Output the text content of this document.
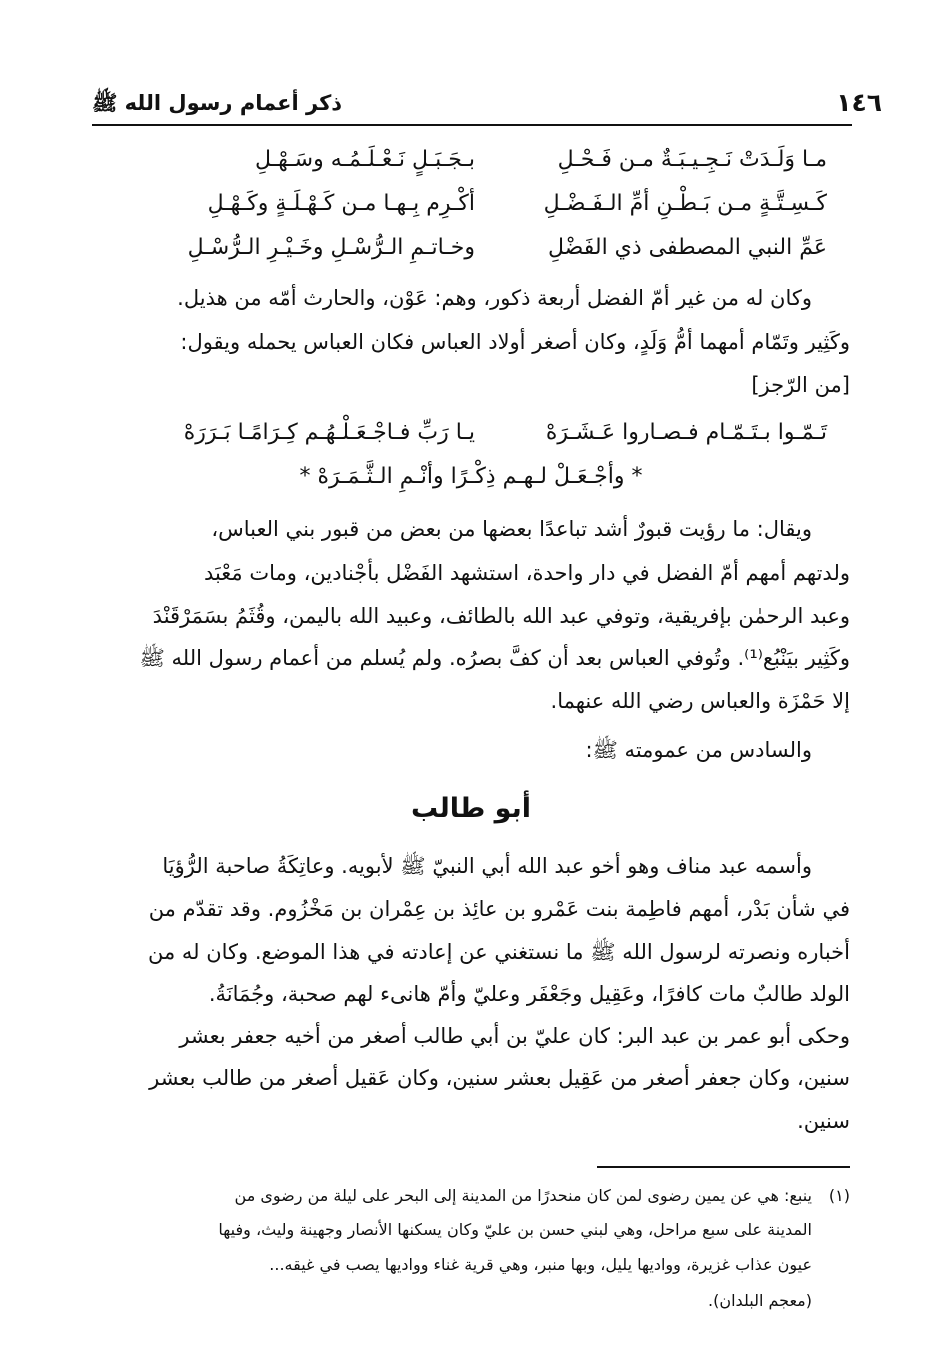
١٤٦
ذكر أعمام رسول الله ﷺ
مـا وَلَـدَتْ نَـجِـيـبَـةٌ مـن فَـحْـلِ
بـجَـبَـلٍ نَـعْـلَـمُـه وسَـهْـلِ
كَـسِـتَّـةٍ مـن بَـطْـنِ أمِّ الـفَـضْـلِ
أكْـرِم بِـهـا مـن كَـهْـلَـةٍ وكَـهْـلِ
عَمِّ النبي المصطفى ذي الفَضْلِ
وخـاتـمِ الـرُّسْـلِ وخَـيْـرِ الـرُّسْـلِ
وكان له من غير أمّ الفضل أربعة ذكور، وهم: عَوْن، والحارث أمّه من هذيل.
وكَثِير وتَمّام أمهما أمُّ وَلَدٍ، وكان أصغر أولاد العباس فكان العباس يحمله ويقول:
[من الرّجز]
تَـمّـوا بـتَـمّـام فـصـاروا عَـشَـرَهْ
يـا رَبِّ فـاجْـعَـلْـهُـم كِـرَامًـا بَـرَرَهْ
* وأجْـعَـلْ لـهـم ذِكْـرًا وأنْـمِ الـثَّـمَـرَهْ *
ويقال: ما رؤيت قبورٌ أشد تباعدًا بعضها من بعض من قبور بني العباس،
ولدتهم أمهم أمّ الفضل في دار واحدة، استشهد الفَضْل بأجْنادين، ومات مَعْبَد
وعبد الرحمٰن بإفريقية، وتوفي عبد الله بالطائف، وعبيد الله باليمن، وقُثَمُ بسَمَرْقَنْدَ
وكَثِير بيَنْبُع⁽¹⁾. وتُوفي العباس بعد أن كفَّ بصرُه. ولم يُسلم من أعمام رسول الله ﷺ
إلا حَمْزَة والعباس رضي الله عنهما.
والسادس من عمومته ﷺ:
أبو طالب
وأسمه عبد مناف وهو أخو عبد الله أبي النبيّ ﷺ لأبويه. وعاتِكَةُ صاحبة الرُّؤيَا
في شأن بَدْر، أمهم فاطِمة بنت عَمْرو بن عائِذ بن عِمْران بن مَخْزُوم. وقد تقدّم من
أخباره ونصرته لرسول الله ﷺ ما نستغني عن إعادته في هذا الموضع. وكان له من
الولد طالبٌ مات كافرًا، وعَقِيل وجَعْفَر وعليّ وأمّ هانىء لهم صحبة، وجُمَانَةُ.
وحكى أبو عمر بن عبد البر: كان عليّ بن أبي طالب أصغر من أخيه جعفر بعشر
سنين، وكان جعفر أصغر من عَقِيل بعشر سنين، وكان عَقيل أصغر من طالب بعشر
سنين.
(١)
ينبع: هي عن يمين رضوى لمن كان منحدرًا من المدينة إلى البحر على ليلة من رضوى من
المدينة على سبع مراحل، وهي لبني حسن بن عليّ وكان يسكنها الأنصار وجهينة وليث، وفيها
عيون عذاب غزيرة، وواديها يليل، وبها منبر، وهي قرية غناء وواديها يصب في غيقه...
(معجم البلدان).
